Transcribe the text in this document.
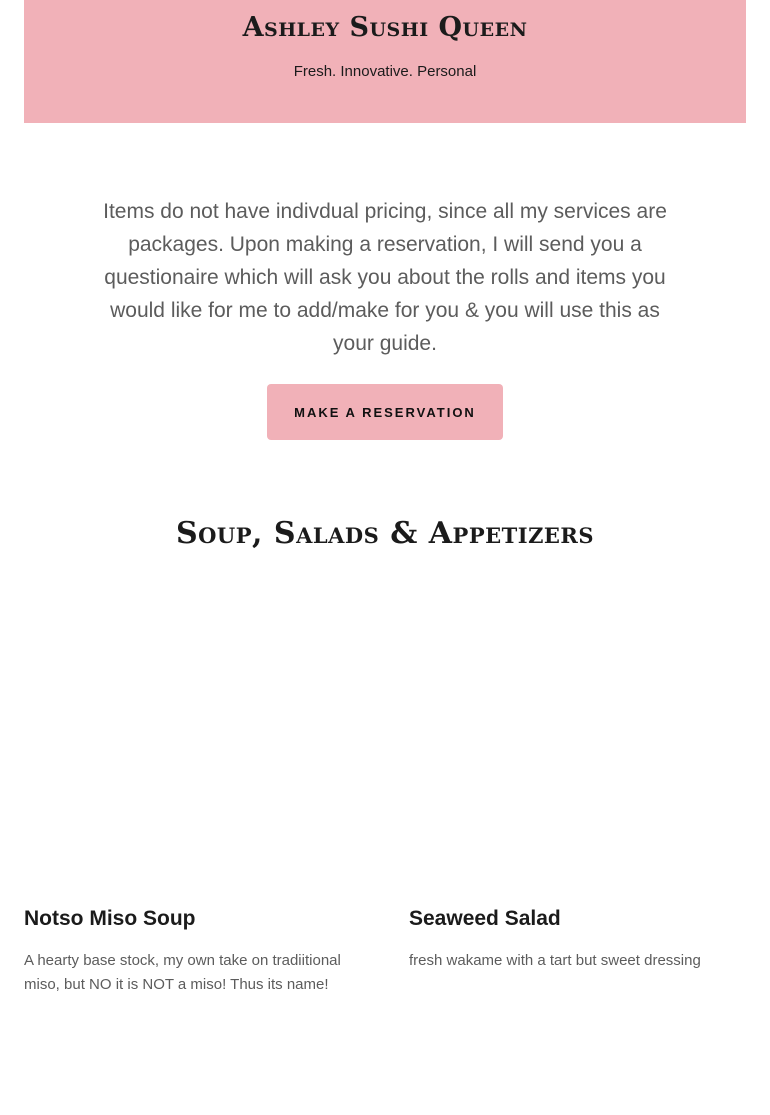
Ashley Sushi Queen

Fresh. Innovative. Personal

Items do not have indivdual pricing, since all my services are packages. Upon making a reservation, I will send you a questionaire which will ask you about the rolls and items you would like for me to add/make for you & you will use this as your guide.

MAKE A RESERVATION
Soup, Salads & Appetizers
Notso Miso Soup

A hearty base stock, my own take on tradiitional miso, but NO it is NOT a miso! Thus its name!

Seaweed Salad

fresh wakame with a tart but sweet dressing
